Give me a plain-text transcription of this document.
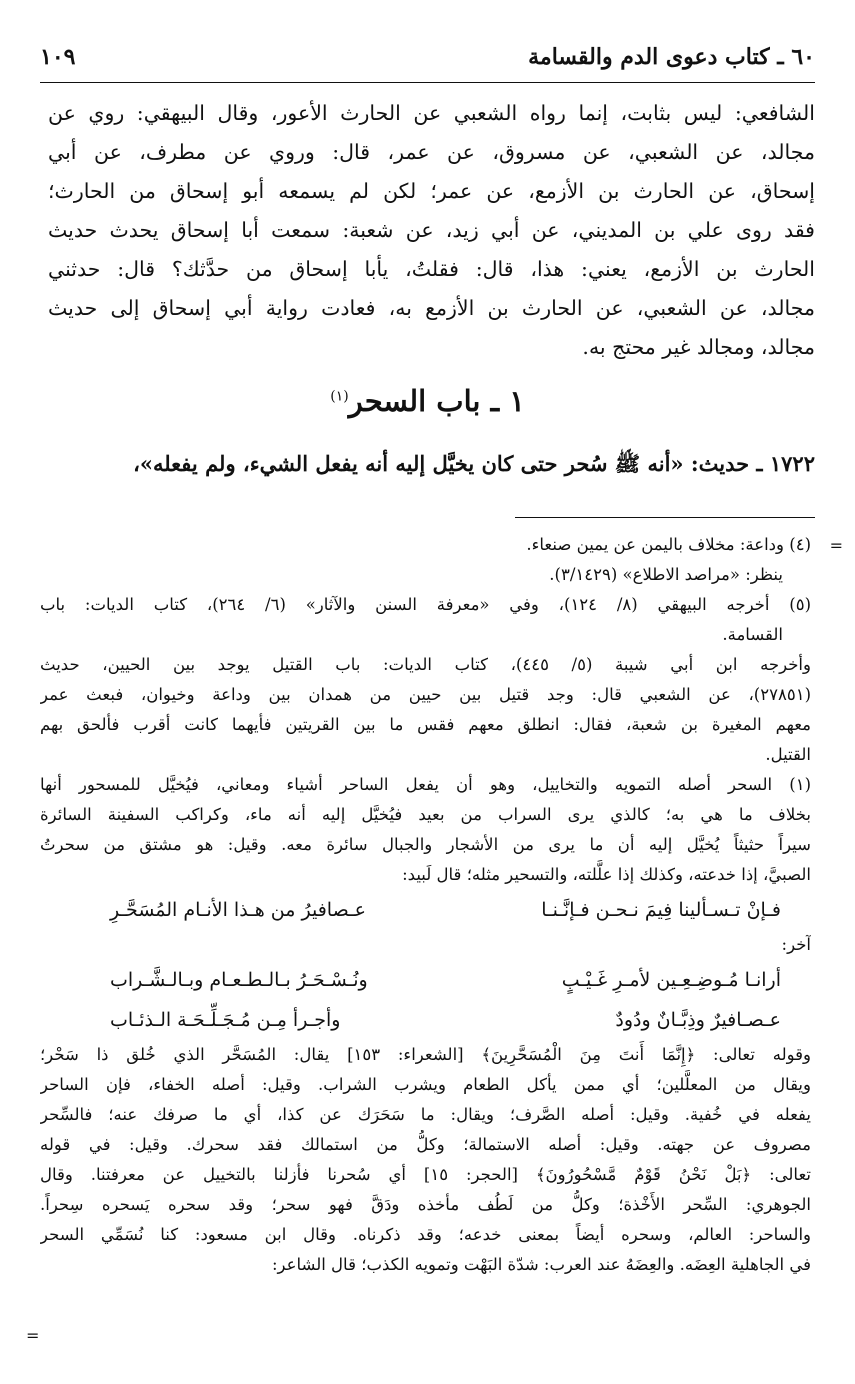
٦٠ ـ كتاب دعوى الدم والقسامة
١٠٩
الشافعي: ليس بثابت، إنما رواه الشعبي عن الحارث الأعور، وقال البيهقي: روي عن
مجالد، عن الشعبي، عن مسروق، عن عمر، قال: وروي عن مطرف، عن أبي
إسحاق، عن الحارث بن الأزمع، عن عمر؛ لكن لم يسمعه أبو إسحاق من الحارث؛
فقد روى علي بن المديني، عن أبي زيد، عن شعبة: سمعت أبا إسحاق يحدث حديث
الحارث بن الأزمع، يعني: هذا، قال: فقلتُ، يأبا إسحاق من حدَّثك؟ قال: حدثني
مجالد، عن الشعبي، عن الحارث بن الأزمع به، فعادت رواية أبي إسحاق إلى حديث
مجالد، ومجالد غير محتج به.
١ ـ باب السحر$^{(١)}$
١٧٢٢ ـ حديث: «أنه ﷺ سُحر حتى كان يخيَّل إليه أنه يفعل الشيء، ولم يفعله»،
=
=
(٤) وداعة: مخلاف باليمن عن يمين صنعاء.
ينظر: «مراصد الاطلاع» (٣/١٤٢٩).
(٥) أخرجه البيهقي (٨/ ١٢٤)، وفي «معرفة السنن والآثار» (٦/ ٢٦٤)، كتاب الديات: باب
القسامة.
وأخرجه ابن أبي شيبة (٥/ ٤٤٥)، كتاب الديات: باب القتيل يوجد بين الحيين، حديث
(٢٧٨٥١)، عن الشعبي قال: وجد قتيل بين حيين من همدان بين وداعة وخيوان، فبعث عمر
معهم المغيرة بن شعبة، فقال: انطلق معهم فقس ما بين القريتين فأيهما كانت أقرب فألحق بهم
القتيل.
(١) السحر أصله التمويه والتخاييل، وهو أن يفعل الساحر أشياء ومعاني، فيُخيَّل للمسحور أنها
بخلاف ما هي به؛ كالذي يرى السراب من بعيد فيُخيَّل إليه أنه ماء، وكراكب السفينة السائرة
سيراً حثيثاً يُخيَّل إليه أن ما يرى من الأشجار والجبال سائرة معه. وقيل: هو مشتق من سحرتُ
الصبيَّ، إذا خدعته، وكذلك إذا علَّلته، والتسحير مثله؛ قال لَبيد:
فـإنْ تـسـألينا فِيمَ نـحـن فـإنَّـنـا
عـصافيرُ من هـذا الأنـام المُسَحَّـرِ
آخر:
أرانـا مُـوضِـعِـين لأمـرِ غَـيْـبٍ
ونُـسْـحَـرُ بـالـطـعـام وبـالـشَّـراب
عـصـافيرٌ وذِبَّـانٌ ودُودٌ
وأجـرأ مِـن مُـجَـلِّـحَـة الـذئـاب
وقوله تعالى: ﴿إِنَّمَا أَنتَ مِنَ الْمُسَحَّرِينَ﴾ [الشعراء: ١٥٣] يقال: المُسَحَّر الذي خُلق ذا سَحْر؛
ويقال من المعلَّلين؛ أي ممن يأكل الطعام ويشرب الشراب. وقيل: أصله الخفاء، فإن الساحر
يفعله في خُفية. وقيل: أصله الصَّرف؛ ويقال: ما سَحَرَك عن كذا، أي ما صرفك عنه؛ فالسِّحر
مصروف عن جهته. وقيل: أصله الاستمالة؛ وكلُّ من استمالك فقد سحرك. وقيل: في قوله
تعالى: ﴿بَلْ نَحْنُ قَوْمٌ مَّسْحُورُونَ﴾ [الحجر: ١٥] أي سُحرنا فأزلنا بالتخييل عن معرفتنا. وقال
الجوهري: السِّحر الأَخْذة؛ وكلُّ من لَطُف مأخذه ودَقَّ فهو سحر؛ وقد سحره يَسحره سِحراً.
والساحر: العالم، وسحره أيضاً بمعنى خدعه؛ وقد ذكرناه. وقال ابن مسعود: كنا نُسَمِّي السحر
في الجاهلية العِضَه. والعِضَهُ عند العرب: شدّة البَهْت وتمويه الكذب؛ قال الشاعر:
